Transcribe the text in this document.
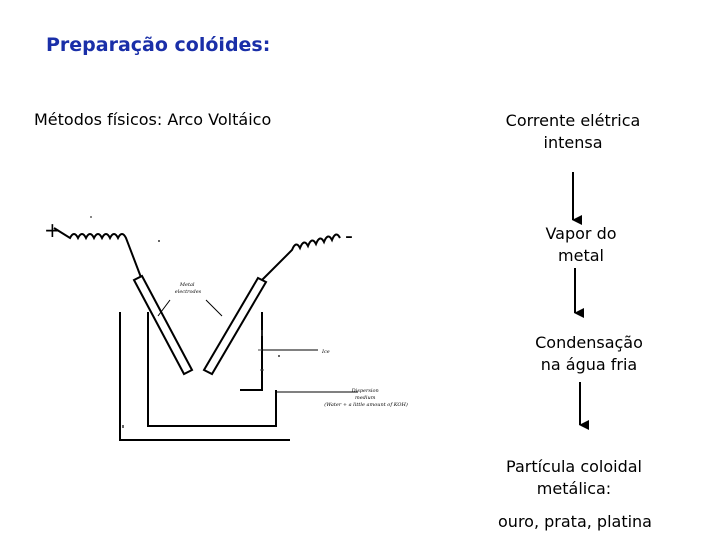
Preparação colóides:
Métodos físicos: Arco Voltáico	Corrente elétrica
intensa
Vapor do
metal
Condensação
na água fria
Partícula coloidal
metálica:
ouro, prata, platina
+	-
Metal electrodes
Ice
Dispersion medium (Water + a little amount of KOH)
